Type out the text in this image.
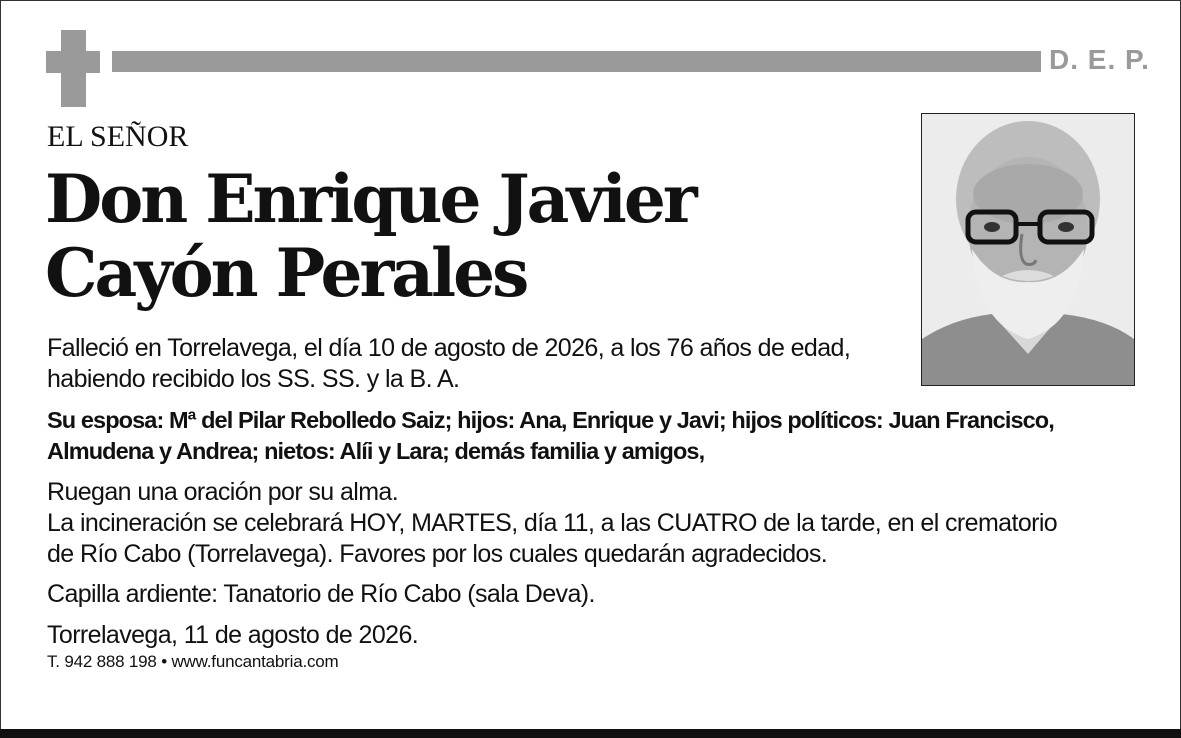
D. E. P.
EL SEÑOR
Don Enrique Javier
Cayón Perales
Falleció en Torrelavega, el día 10 de agosto de 2026, a los 76 años de edad,
habiendo recibido los SS. SS. y la B. A.
Su esposa: Mª del Pilar Rebolledo Saiz; hijos: Ana, Enrique y Javi; hijos políticos: Juan Francisco,
Almudena y Andrea; nietos: Alíi y Lara; demás familia y amigos,
Ruegan una oración por su alma.
La incineración se celebrará HOY, MARTES, día 11, a las CUATRO de la tarde, en el crematorio
de Río Cabo (Torrelavega). Favores por los cuales quedarán agradecidos.
Capilla ardiente: Tanatorio de Río Cabo (sala Deva).
Torrelavega, 11 de agosto de 2026.
T. 942 888 198 • www.funcantabria.com
